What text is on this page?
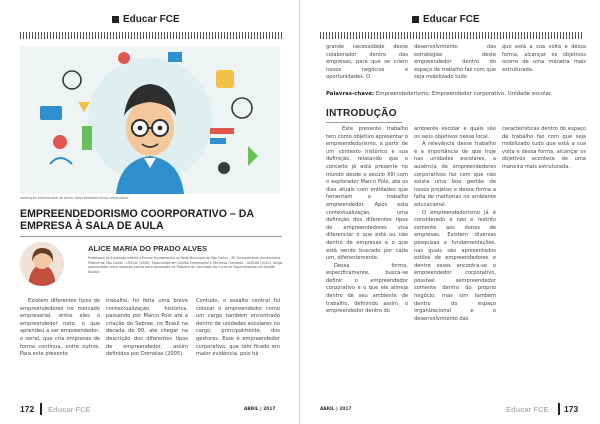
Educar FCE
Ilustração relacionada ao tema: empreendedorismo corporativo
EMPREENDEDORISMO COORPORATIVO – DA EMPRESA À SALA DE AULA
ALICE MARIA DO PRADO ALVES
Professora de Educação Infantil e Ensino Fundamental na Rede Municipal de São Carlos – SP. Formada pela Universidade Federal de São Carlos – UFSCar (2006). Especialista em Gestão Empresarial e Recursos Humanos – UNICAR (2010). Artigo apresentado como requisito parcial para aprovação no Trabalho de Conclusão do Curso de Especialização em Gestão Escolar.

Existem diferentes tipos de empreendedores no mercado empresarial, entre eles o empreendedor nato, o que aprendeu a ser empreendedor, o serial, que cria empresas de forma contínua, entre outros. Para este presente

trabalho, foi feita uma breve contextualização histórica, passando por Marco Polo até a criação do Sebrae, no Brasil na década de 90, até chegar na descrição dos diferentes tipos de empreendedor, assim definidos por Dornelas (2005).

Contudo, o essalte central foi colocar o empreendedor como um cargo também encontrado dentro de unidades escolares no cargo, principalmente, dos gestores. Esse é empreendedor corporativo, que tem ficado em maior evidência, pois há

172 Educar FCE	ABRIL | 2017
Educar FCE

grande necessidade desse colaborador dentro das empresas, para que se criem novos negócios e oportunidades. O

desenvolvimento das estratégias deste empreendedor dentro do espaço de trabalho faz com que seja mobilizado tudo

que está a sua volta e dessa forma, alcançar os objetivos ocorre de uma maneira mais estruturada.

Palavras-chave: Empreendedorismo. Empreendedor corporativo. Unidade escolar.
INTRODUÇÃO

Este presente trabalho tem como objetivo apresentar o empreendedorismo, a partir de um contexto histórico e sua definição, relatando que o conceito já está presente no mundo desde o século XIII com o explorador Marco Polo, até os dias atuais com entidades que fomentam o trabalho empreendedor. Após esta contextualização, uma definição dos diferentes tipos de empreendedores visa diferenciar o que está ou não dentro de empresas e o que está sendo buscado por cada um, diferentemente.

Dessa forma, especificamente, busca-se definir o empreendedor corporativo e o que ele almeja dentro de seu ambiente de trabalho, definindo assim, o empreendedor dentro do

ambiente escolar e quais são os seus objetivos nesse local.

A relevância desse trabalho é a importância de que hoje nas unidades escolares, a ausência de empreendedores corporativos faz com que não exista uma boa gestão de novos projetos e dessa forma a falta de melhorias no ambiente educacional.

O empreendedorismo já é considerado e não é restrito somente aos donos de empresas. Existem diversas pesquisas e fundamentações, nas quais são apresentados estilos de empreendedores e dentre esses encontra-se o empreendedor corporativo, possível sempreendedor somente dentro do próprio negócio, mas sim também dentro do espaço organizacional e o desenvolvimento das

características dentro do espaço de trabalho faz com que seja mobilizado tudo que está a sua volta e dessa forma, alcançar os objetivos acontece de uma maneira mais estruturada.

ABRIL | 2017	Educar FCE 173
